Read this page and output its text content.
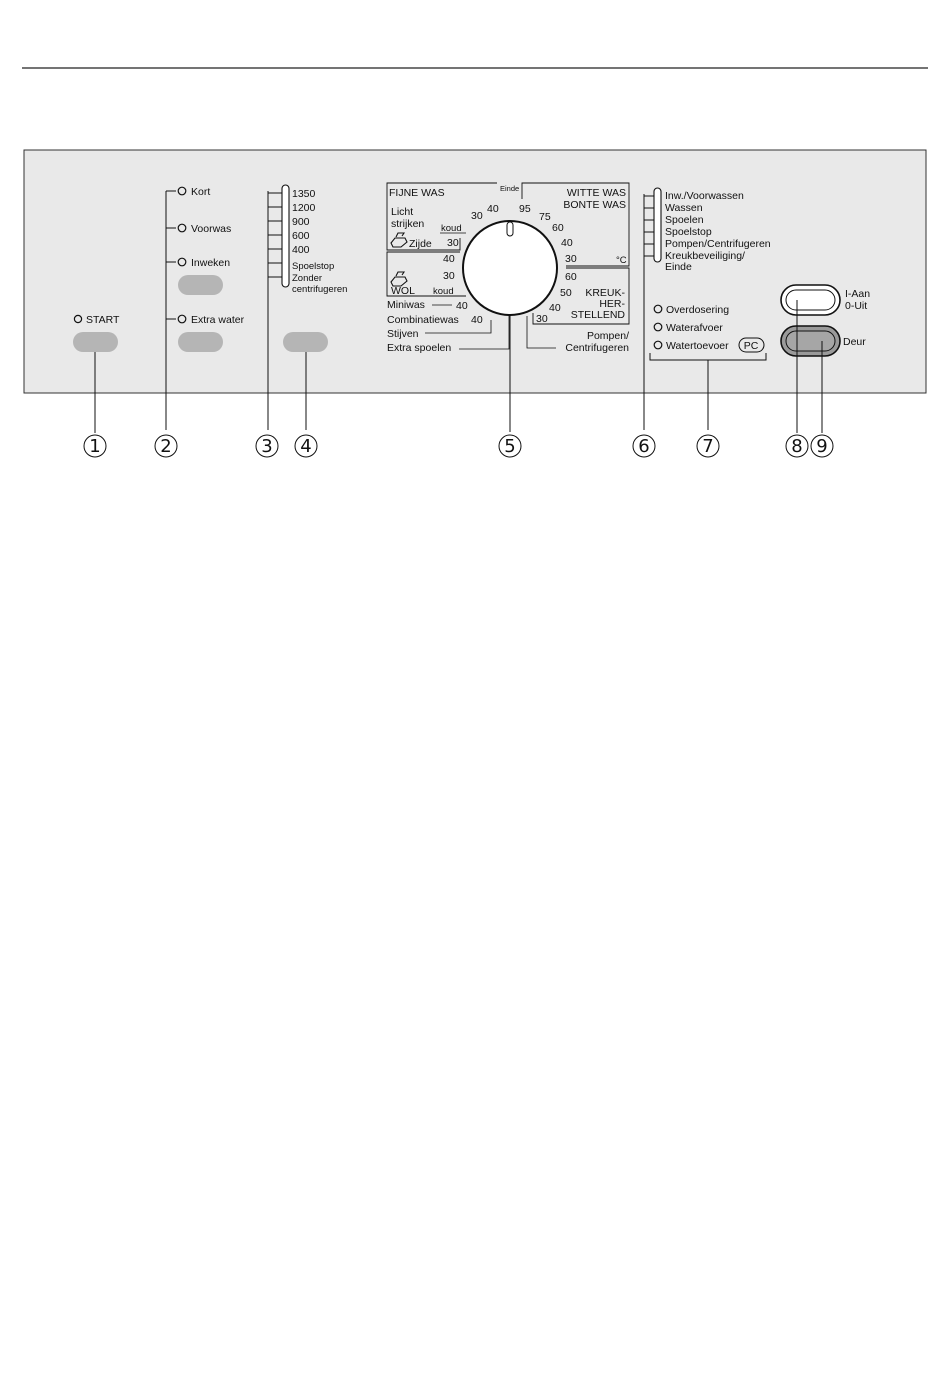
START
Kort
Voorwas
Inweken
Extra water
1350
1200
900
600
400
Spoelstop
Zonder
centrifugeren
FIJNE WAS	Einde	WITTE WAS
BONTE WAS
Licht
strijken koud
Zijde
WOL koud	KREUK-
HER-
STELLEND
°C
30
40 95
75
60
40
30
60
50
40
30
30
40
30
40
40
Miniwas
Combinatiewas
Stijven
Extra spoelen
Pompen/
Centrifugeren
Inw./Voorwassen
Wassen
Spoelen
Spoelstop
Pompen/Centrifugeren
Kreukbeveiliging/
Einde
Overdosering
Waterafvoer
Watertoevoer PC
I-Aan
0-Uit
Deur
1	2	3 4	5	6	7	8 9
